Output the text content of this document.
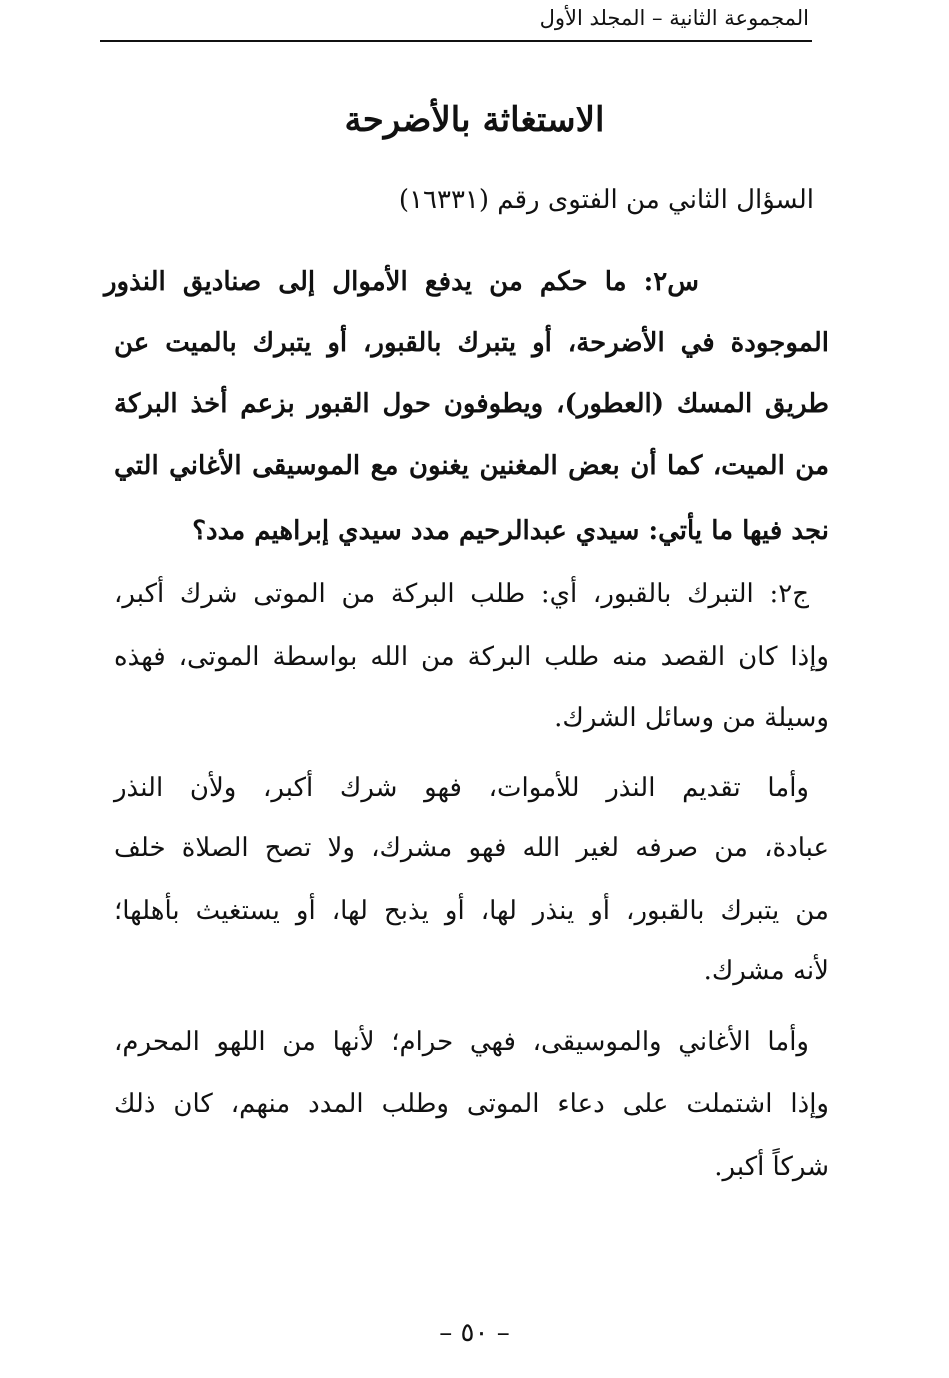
المجموعة الثانية – المجلد الأول
الاستغاثة بالأضرحة
السؤال الثاني من الفتوى رقم (١٦٣٣١)
س٢: ما حكم من يدفع الأموال إلى صناديق النذور
الموجودة في الأضرحة، أو يتبرك بالقبور، أو يتبرك بالميت عن
طريق المسك (العطور)، ويطوفون حول القبور بزعم أخذ البركة
من الميت، كما أن بعض المغنين يغنون مع الموسيقى الأغاني التي
نجد فيها ما يأتي: سيدي عبدالرحيم مدد سيدي إبراهيم مدد؟
ج٢: التبرك بالقبور، أي: طلب البركة من الموتى شرك أكبر،
وإذا كان القصد منه طلب البركة من الله بواسطة الموتى، فهذه
وسيلة من وسائل الشرك.
وأما تقديم النذر للأموات، فهو شرك أكبر، ولأن النذر
عبادة، من صرفه لغير الله فهو مشرك، ولا تصح الصلاة خلف
من يتبرك بالقبور، أو ينذر لها، أو يذبح لها، أو يستغيث بأهلها؛
لأنه مشرك.
وأما الأغاني والموسيقى، فهي حرام؛ لأنها من اللهو المحرم،
وإذا اشتملت على دعاء الموتى وطلب المدد منهم، كان ذلك
شركاً أكبر.
– ٥٠ –
